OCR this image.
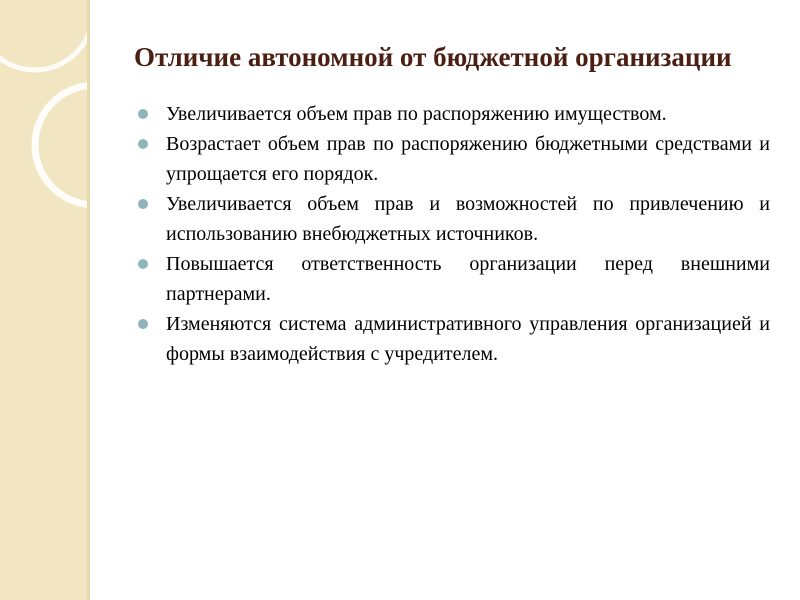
Отличие автономной от бюджетной организации
Увеличивается объем прав по распоряжению имуществом.
Возрастает объем прав по распоряжению бюджетными средствами и упрощается его порядок.
Увеличивается объем прав и возможностей по привлечению и использованию внебюджетных источников.
Повышается ответственность организации перед внешними партнерами.
Изменяются система административного управления организацией и формы взаимодействия с учредителем.
